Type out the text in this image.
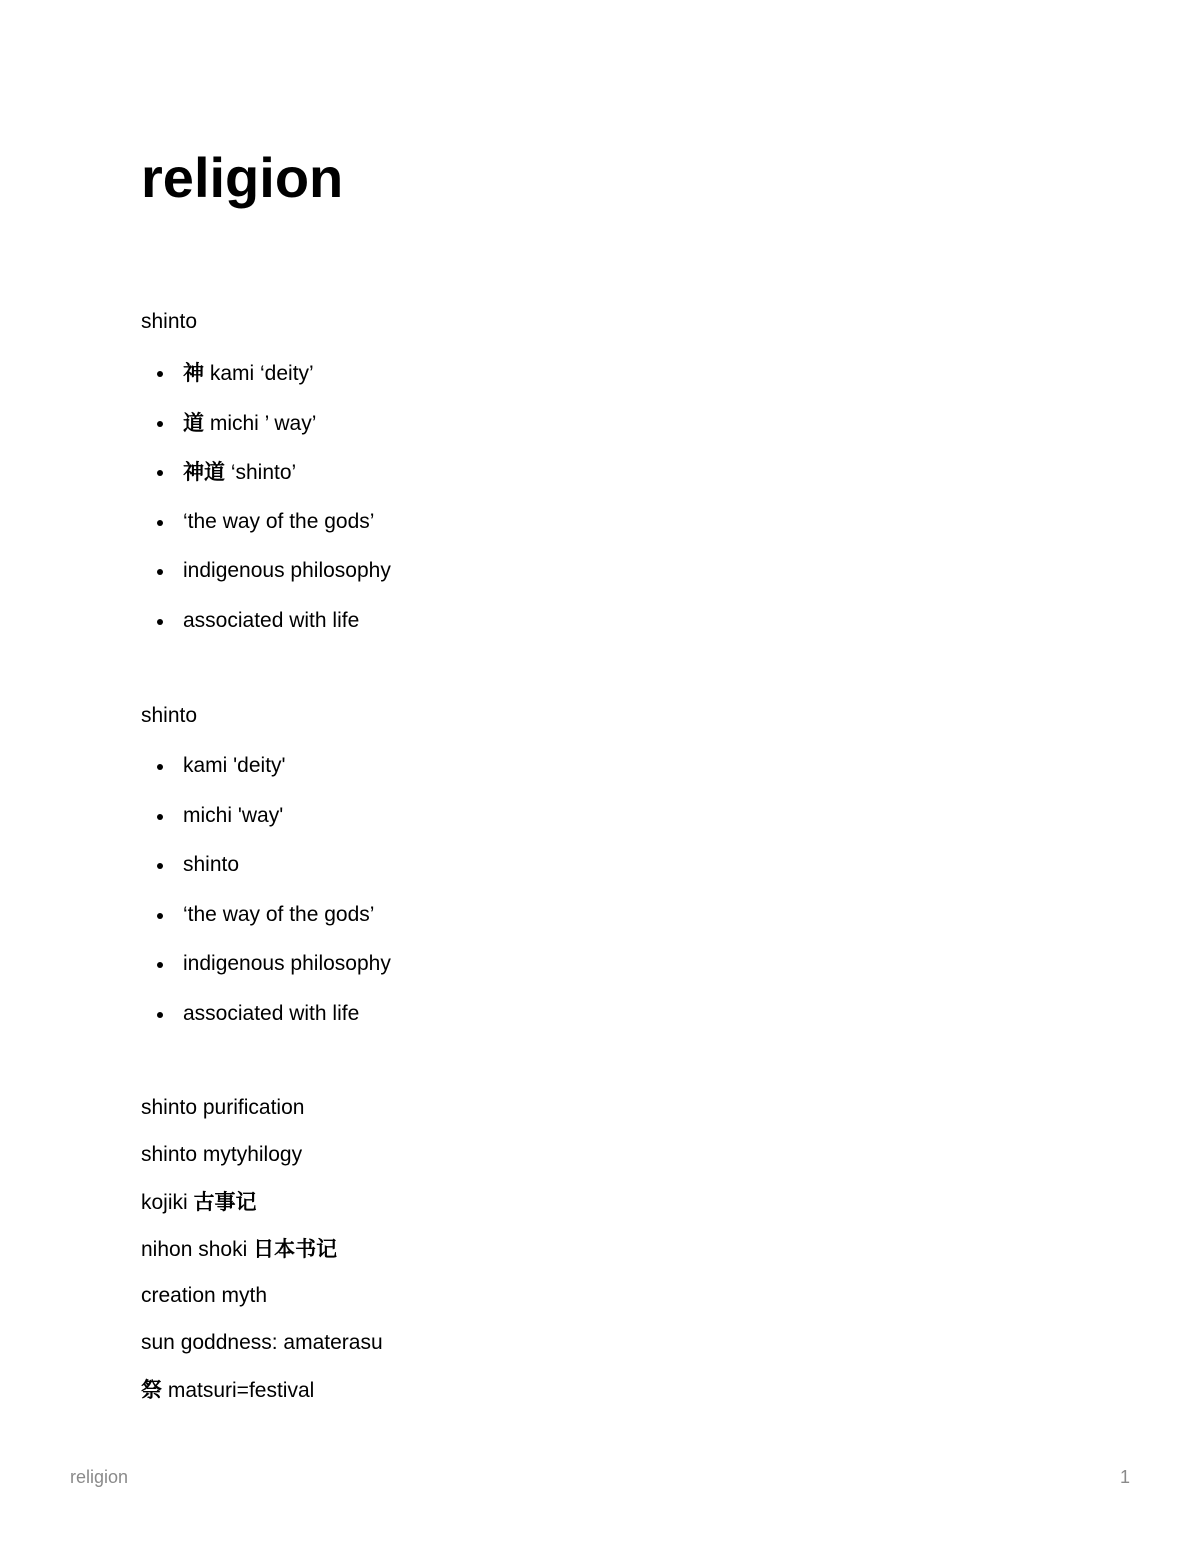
religion

shinto

神 kami ‘deity’
道 michi ’ way’
神道 ‘shinto’
‘the way of the gods’
indigenous philosophy
associated with life

shinto

kami 'deity'
michi 'way'
shinto
‘the way of the gods’
indigenous philosophy
associated with life
shinto purification
shinto mytyhilogy
kojiki 古事记
nihon shoki 日本书记
creation myth
sun goddness: amaterasu
祭 matsuri=festival
religion	1
